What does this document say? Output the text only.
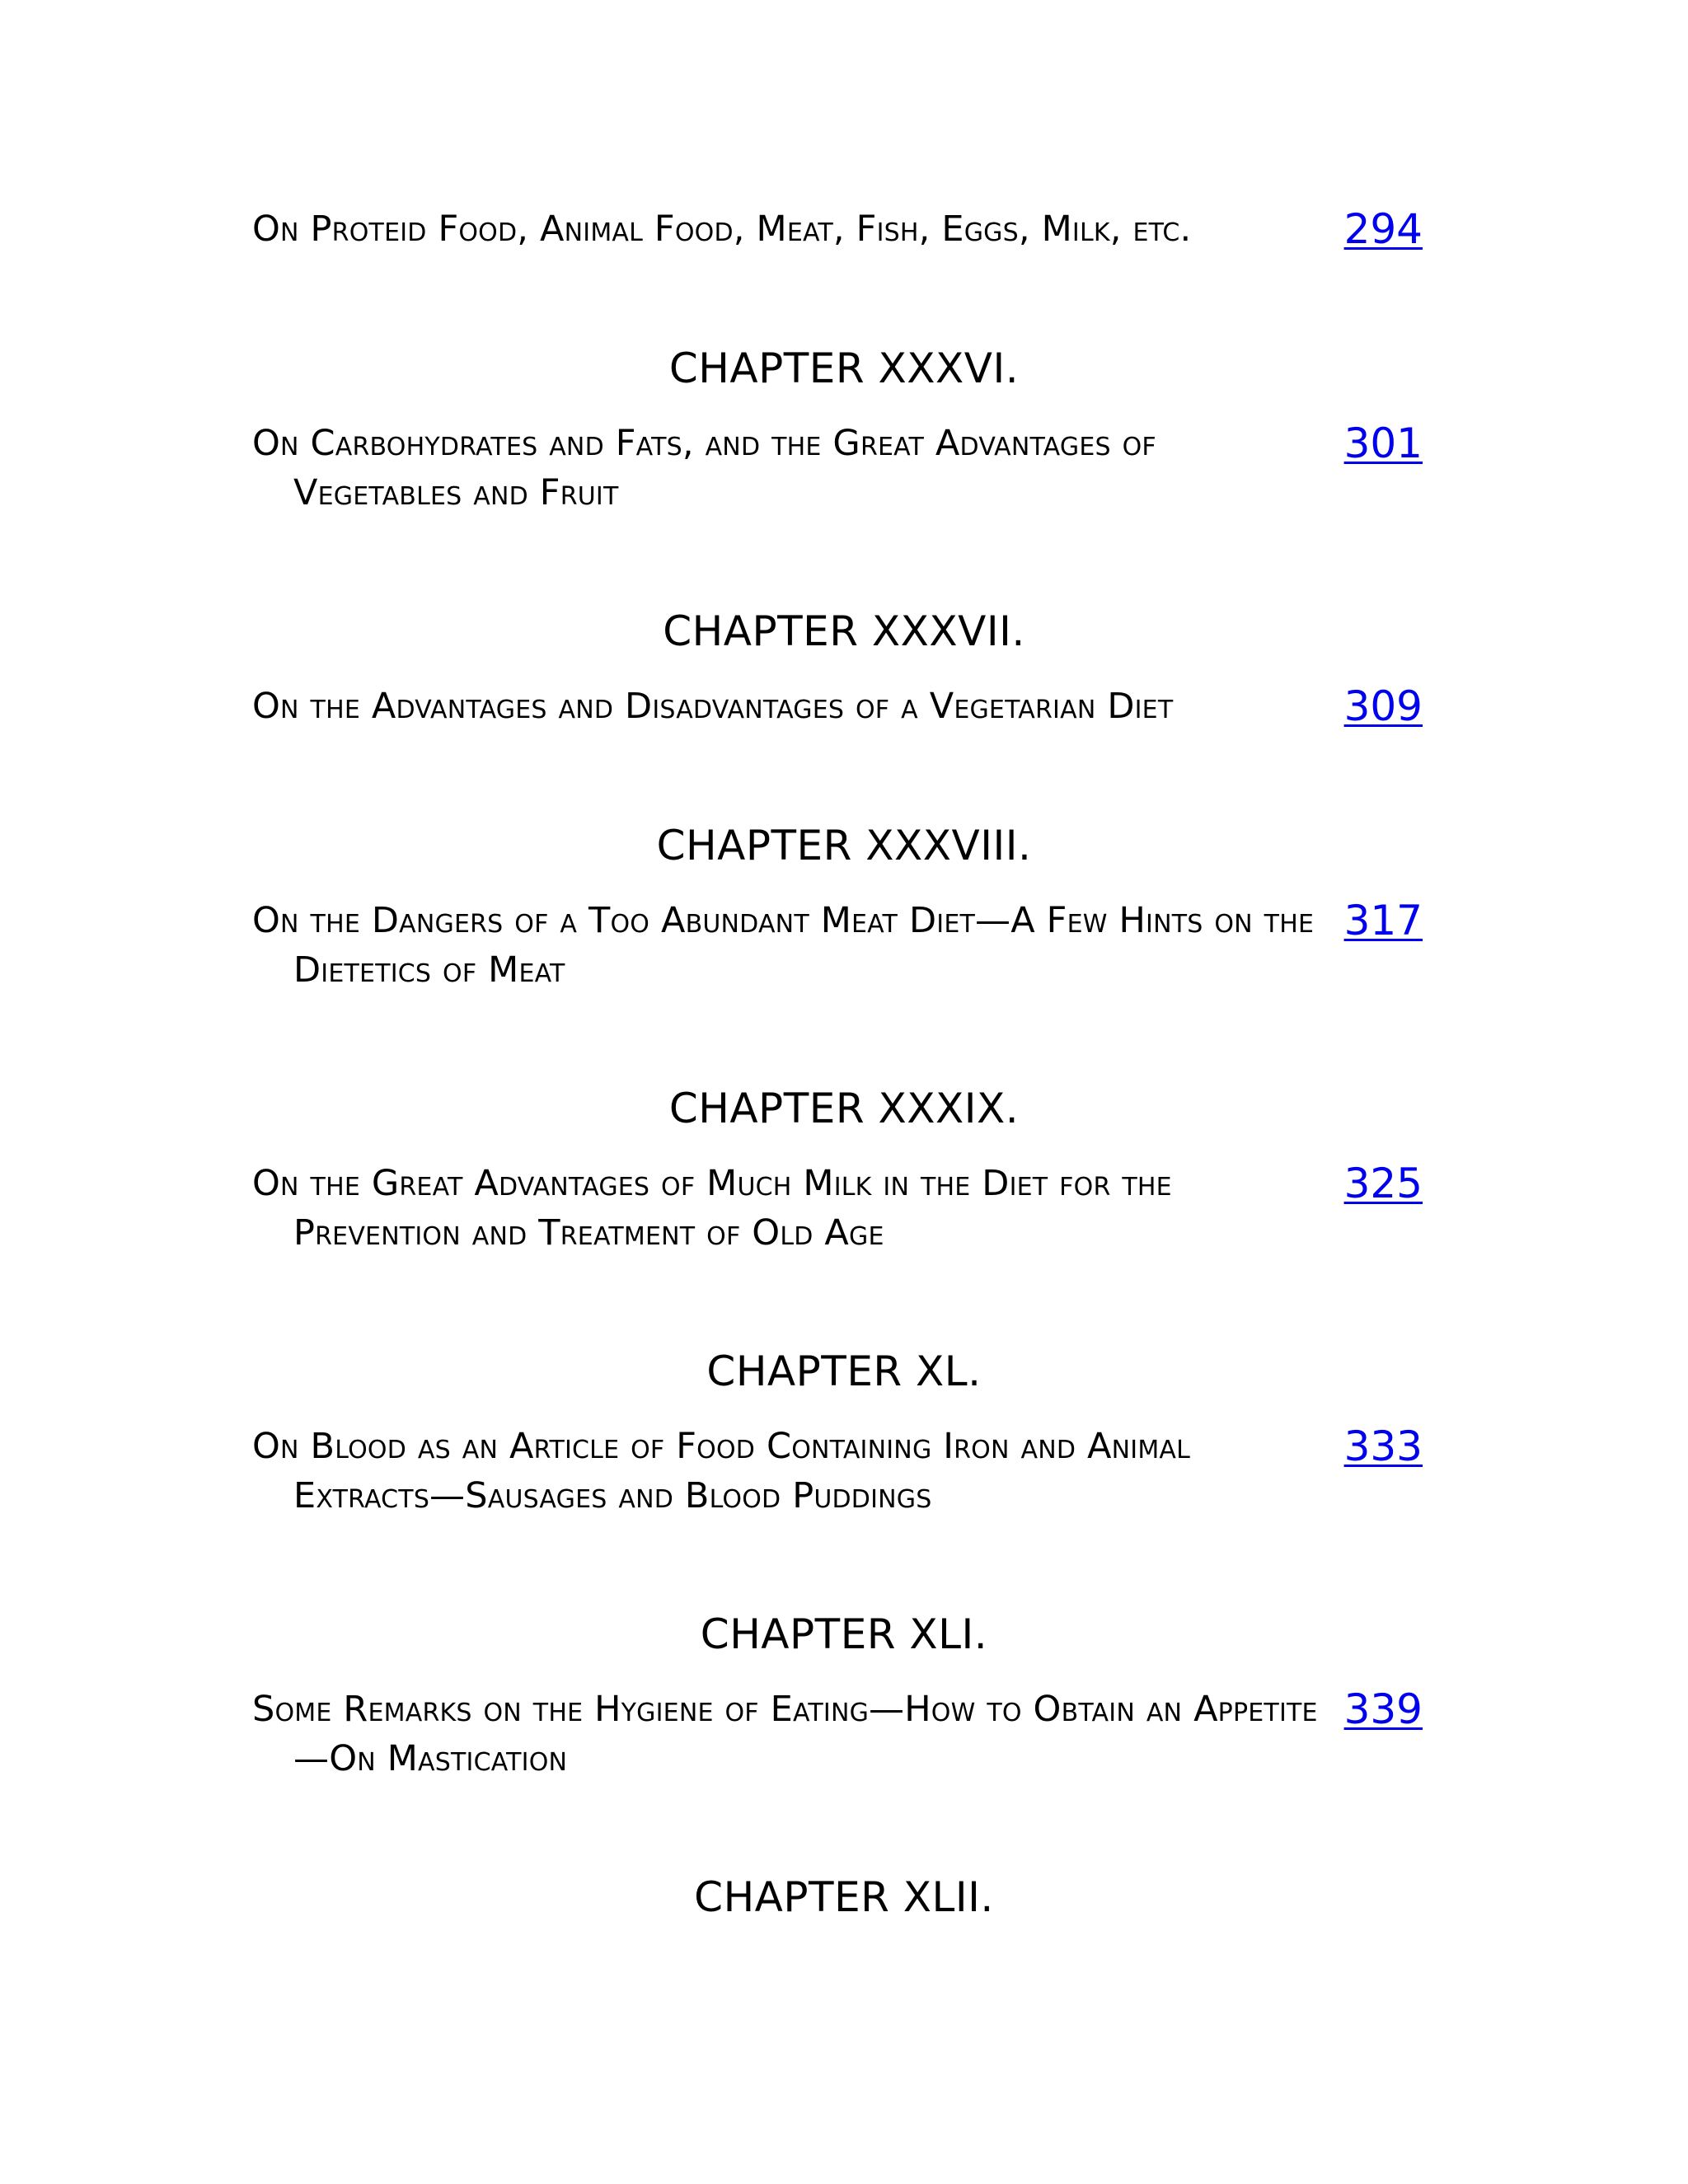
On Proteid Food, Animal Food, Meat, Fish, Eggs, Milk, etc.	294
CHAPTER XXXVI.
On Carbohydrates and Fats, and the Great Advantages of Vegetables and Fruit
301
CHAPTER XXXVII.
On the Advantages and Disadvantages of a Vegetarian Diet	309
CHAPTER XXXVIII.
On the Dangers of a Too Abundant Meat Diet—A Few Hints on the Dietetics of Meat
317
CHAPTER XXXIX.
On the Great Advantages of Much Milk in the Diet for the Prevention and Treatment of Old Age
325
CHAPTER XL.
On Blood as an Article of Food Containing Iron and Animal Extracts—Sausages and Blood Puddings
333
CHAPTER XLI.
Some Remarks on the Hygiene of Eating—How to Obtain an Appetite—On Mastication
339
CHAPTER XLII.
